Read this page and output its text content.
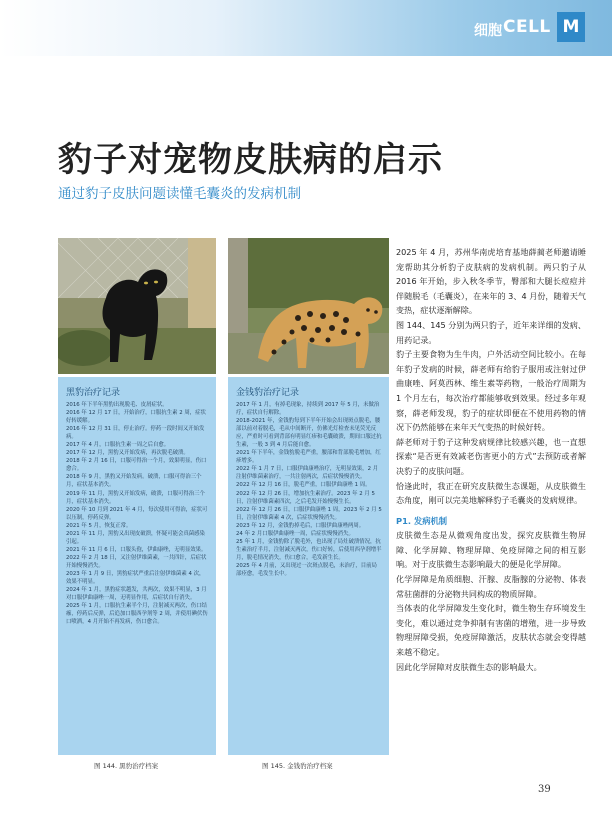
细胞 CELL M
豹子对宠物皮肤病的启示
通过豹子皮肤问题读懂毛囊炎的发病机制
黑豹治疗记录

2016 年下半年黑豹出现脱毛、皮屑症状。

2016 年 12 月 17 日，开始治疗，口服抗生素 2 周，症状好转缓解。

2016 年 12 月 31 日，停止治疗。停药一段时间又开始发病。

2017 年 4 月，口服抗生素一周之后自愈。

2017 年 12 月，黑豹又开始发病，再次脱毛破溃。

2018 年 2 月 16 日，口服可得治一个月，效果明显，伤口愈合。

2018 年 9 月，黑豹又开始发病。破溃，口服可得治三个月，症状基本消失。

2019 年 11 月，黑豹又开始发病，破溃，口服可得治三个月，症状基本消失。

2020 年 10 月到 2021 年 4 月，每次使用可得治，症状可以压制，停药反弹。

2021 年 5 月，恢复正常。

2021 年 11 月，黑豹又出现皮破溃，怀疑可能会真菌感染引起。

2021 年 11 月 6 日，口服头孢，伊曲康唑，无明显效果。

2022 年 2 月 18 日，又注射伊维菌素，一共四针，后症状开始慢慢消失。

2023 年 1 月 9 日，黑豹症状严重后注射伊维菌素 4 次，效果不明显。

2024 年 1 月，黑豹症状越发，共两次，效果不明显，3 月对口服伊曲康唑一周，无明显作用，后症状自行消失。

2025 年 1 月，口服抗生素半个月，注射减灭两次，伤口结痂，停药后反弹，后追加口服西孕剂等 2 周，并使用碘伏伤口喷洒，4 月开始不再发病，伤口愈合。

金钱豹治疗记录

2017 年 1 月，有掉毛现象，持续到 2017 年 5 月，未做治疗，症状自行解除。

2018-2021 年，金钱豹每到下半年开始会出现斑点脱毛，腰部以前对着脱毛，毛从中间断开，仿佛光灯检查未见荧光反应，严重时可看到背部有明显红疹和毛囊破溃，期间口服过抗生素，一般 3 到 4 月后能自愈。

2021 年下半年，金钱豹脱毛严重，腰部和背部脱毛增加，红疹增多。

2022 年 1 月 7 日，口服伊曲康唑治疗，无明显效果，2 月注射伊维菌素治疗，一共注射两次，后症状慢慢消失。

2022 年 12 月 16 日，脱毛严重，口服伊曲康唑 1 周。

2022 年 12 月 26 日，增加抗生素治疗。2023 年 2 月 5 日，注射伊维菌素四次，之后毛发开始慢慢生长。

2022 年 12 月 26 日，口服伊曲康唑 1 周，2023 年 2 月 5 日，注射伊维菌素 4 次，后症状慢慢消失。

2023 年 12 月，金钱豹掉毛后，口服伊曲康唑两周。

24 年 2 月口服伊曲康唑一周，后症状慢慢消失。

25 年 1 月，金钱豹除了脱毛外，也出现了局灶破溃情况，抗生素治疗半月，注射减灭两次，伤口好转，后使用西孕剂增半月，脱毛情况消失，伤口愈合，毛发新生长。

2025 年 4 月前，又出现过一次斑点脱毛，未治疗，目前局部痊愈，毛发生长中。

图 144. 黑豹治疗档案	图 145. 金钱豹治疗档案

2025 年 4 月，苏州华南虎培育基地薛蔺老师邀请睡宠帮助其分析豹子皮肤病的发病机制。两只豹子从 2016 年开始，步入秋冬季节，臀部和大腿长痘痘并伴随脱毛（毛囊炎），在来年的 3、4 月份，随着天气变热，症状逐渐解除。

图 144、145 分别为两只豹子，近年来详细的发病、用药记录。

豹子主要食物为生牛肉，户外活动空间比较小。在每年豹子发病的时候，薛老师有给豹子服用或注射过伊曲康唑、阿莫西林、维生素等药物，一般治疗周期为 1 个月左右，每次治疗都能够收到效果。经过多年观察，薛老师发现，豹子的症状即便在不使用药物的情况下仍然能够在来年天气变热的时候好转。

薛老师对于豹子这种发病规律比较感兴趣，也一直想探索“是否更有效减老伤害更小的方式”去预防或者解决豹子的皮肤问题。

恰逢此时，我正在研究皮肤微生态课题，从皮肤微生态角度，刚可以完美地解释豹子毛囊炎的发病规律。

P1. 发病机制

皮肤微生态是从微观角度出发，探究皮肤微生物屏障、化学屏障、物理屏障、免疫屏障之间的相互影响。对于皮肤微生态影响最大的便是化学屏障。

化学屏障是角质细胞、汗腺、皮脂腺的分泌物、体表常驻菌群的分泌物共同构成的物质屏障。

当体表的化学屏障发生变化时，微生物生存环境发生变化，难以通过竞争抑制有害菌的增殖，进一步导致物理屏障受损，免疫屏障激活，皮肤状态就会变得越来越不稳定。

因此化学屏障对皮肤微生态的影响最大。

39
